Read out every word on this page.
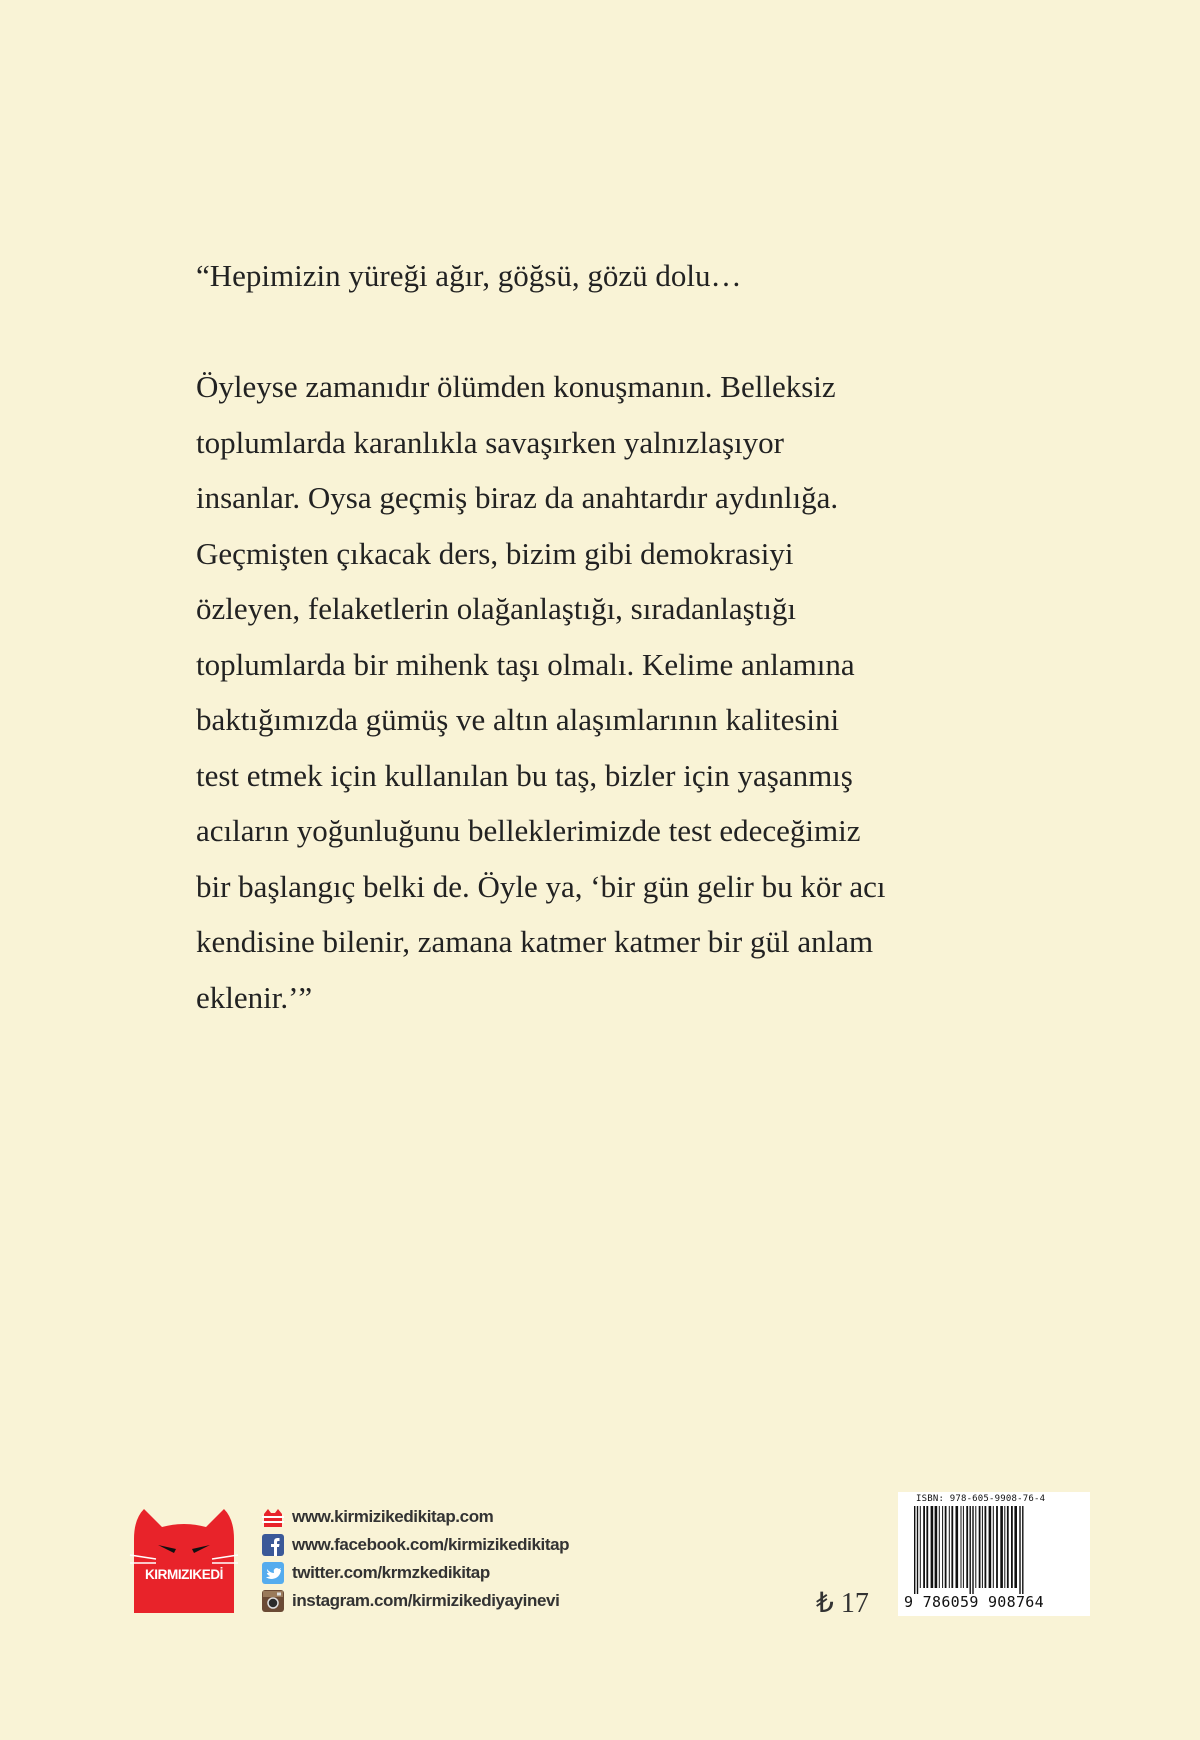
“Hepimizin yüreği ağır, göğsü, gözü dolu…

Öyleyse zamanıdır ölümden konuşmanın. Belleksiz

toplumlarda karanlıkla savaşırken yalnızlaşıyor

insanlar. Oysa geçmiş biraz da anahtardır aydınlığa.

Geçmişten çıkacak ders, bizim gibi demokrasiyi

özleyen, felaketlerin olağanlaştığı, sıradanlaştığı

toplumlarda bir mihenk taşı olmalı. Kelime anlamına

baktığımızda gümüş ve altın alaşımlarının kalitesini

test etmek için kullanılan bu taş, bizler için yaşanmış

acıların yoğunluğunu belleklerimizde test edeceğimiz

bir başlangıç belki de. Öyle ya, ‘bir gün gelir bu kör acı

kendisine bilenir, zamana katmer katmer bir gül anlam

eklenir.’”

KIRMIZIKEDİ
www.kirmizikedikitap.com
www.facebook.com/kirmizikedikitap
twitter.com/krmzkedikitap
instagram.com/kirmizikediyayinevi	₺ 17
ISBN: 978-605-9908-76-4
9 786059 908764
